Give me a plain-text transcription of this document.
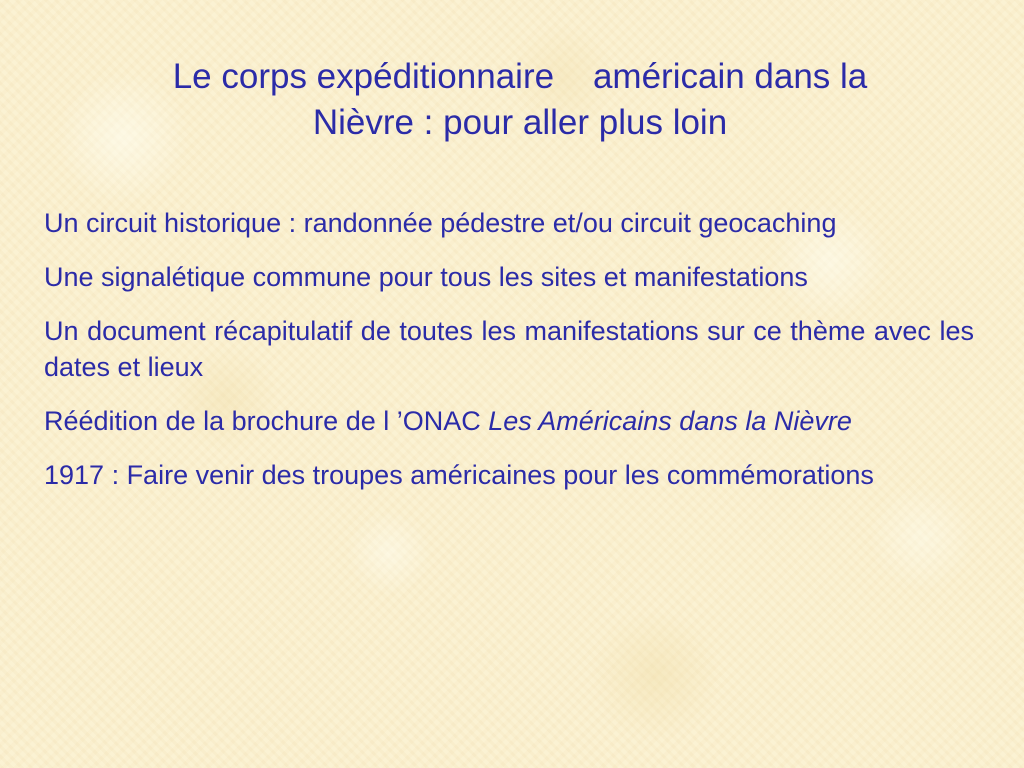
Le corps expéditionnaire    américain dans la
Nièvre : pour aller plus loin
Un circuit historique : randonnée pédestre et/ou circuit geocaching
Une signalétique commune pour tous les sites et manifestations
Un document récapitulatif de toutes les manifestations sur ce thème avec les dates et lieux
Réédition de la brochure de l ’ONAC Les Américains dans la Nièvre
1917 : Faire venir des troupes américaines pour les commémorations
